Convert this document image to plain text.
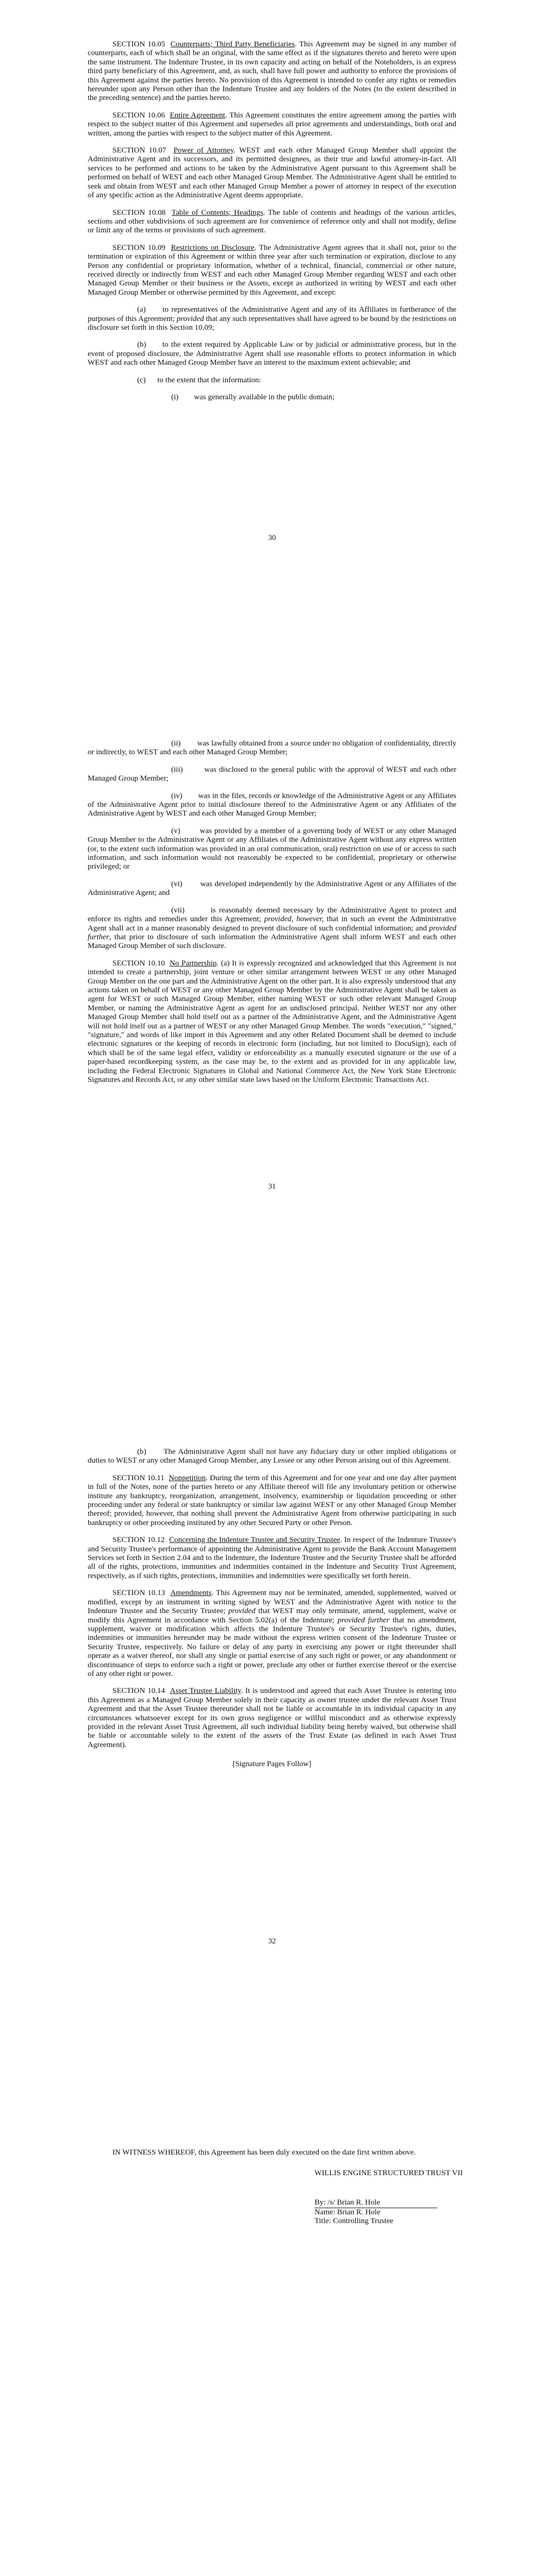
SECTION 10.05 Counterparts; Third Party Beneficiaries. This Agreement may be signed in any number of counterparts, each of which shall be an original, with the same effect as if the signatures thereto and hereto were upon the same instrument. The Indenture Trustee, in its own capacity and acting on behalf of the Noteholders, is an express third party beneficiary of this Agreement, and, as such, shall have full power and authority to enforce the provisions of this Agreement against the parties hereto. No provision of this Agreement is intended to confer any rights or remedies hereunder upon any Person other than the Indenture Trustee and any holders of the Notes (to the extent described in the preceding sentence) and the parties hereto.

SECTION 10.06 Entire Agreement. This Agreement constitutes the entire agreement among the parties with respect to the subject matter of this Agreement and supersedes all prior agreements and understandings, both oral and written, among the parties with respect to the subject matter of this Agreement.

SECTION 10.07 Power of Attorney. WEST and each other Managed Group Member shall appoint the Administrative Agent and its successors, and its permitted designees, as their true and lawful attorney-in-fact. All services to be performed and actions to be taken by the Administrative Agent pursuant to this Agreement shall be performed on behalf of WEST and each other Managed Group Member. The Administrative Agent shall be entitled to seek and obtain from WEST and each other Managed Group Member a power of attorney in respect of the execution of any specific action as the Administrative Agent deems appropriate.

SECTION 10.08 Table of Contents; Headings. The table of contents and headings of the various articles, sections and other subdivisions of such agreement are for convenience of reference only and shall not modify, define or limit any of the terms or provisions of such agreement.

SECTION 10.09 Restrictions on Disclosure. The Administrative Agent agrees that it shall not, prior to the termination or expiration of this Agreement or within three year after such termination or expiration, disclose to any Person any confidential or proprietary information, whether of a technical, financial, commercial or other nature, received directly or indirectly from WEST and each other Managed Group Member regarding WEST and each other Managed Group Member or their business or the Assets, except as authorized in writing by WEST and each other Managed Group Member or otherwise permitted by this Agreement, and except:

(a) to representatives of the Administrative Agent and any of its Affiliates in furtherance of the purposes of this Agreement; provided that any such representatives shall have agreed to be bound by the restrictions on disclosure set forth in this Section 10.09;

(b) to the extent required by Applicable Law or by judicial or administrative process, but in the event of proposed disclosure, the Administrative Agent shall use reasonable efforts to protect information in which WEST and each other Managed Group Member have an interest to the maximum extent achievable; and

(c) to the extent that the information:

(i) was generally available in the public domain;

30

(ii) was lawfully obtained from a source under no obligation of confidentiality, directly or indirectly, to WEST and each other Managed Group Member;

(iii)	was disclosed to the general public with the approval of WEST and each other Managed Group Member;

(iv) was in the files, records or knowledge of the Administrative Agent or any Affiliates of the Administrative Agent prior to initial disclosure thereof to the Administrative Agent or any Affiliates of the Administrative Agent by WEST and each other Managed Group Member;

(v)	was provided by a member of a governing body of WEST or any other Managed Group Member to the Administrative Agent or any Affiliates of the Administrative Agent without any express written (or, to the extent such information was provided in an oral communication, oral) restriction on use of or access to such information, and such information would not reasonably be expected to be confidential, proprietary or otherwise privileged; or

(vi) was developed independently by the Administrative Agent or any Affiliates of the Administrative Agent; and

(vii)	is reasonably deemed necessary by the Administrative Agent to protect and enforce its rights and remedies under this Agreement; provided, however, that in such an event the Administrative Agent shall act in a manner reasonably designed to prevent disclosure of such confidential information; and provided further, that prior to disclosure of such information the Administrative Agent shall inform WEST and each other Managed Group Member of such disclosure.

SECTION 10.10 No Partnership. (a) It is expressly recognized and acknowledged that this Agreement is not intended to create a partnership, joint venture or other similar arrangement between WEST or any other Managed Group Member on the one part and the Administrative Agent on the other part. It is also expressly understood that any actions taken on behalf of WEST or any other Managed Group Member by the Administrative Agent shall be taken as agent for WEST or such Managed Group Member, either naming WEST or such other relevant Managed Group Member, or naming the Administrative Agent as agent for an undisclosed principal. Neither WEST nor any other Managed Group Member shall hold itself out as a partner of the Administrative Agent, and the Administrative Agent will not hold itself out as a partner of WEST or any other Managed Group Member. The words "execution," "signed," "signature," and words of like import in this Agreement and any other Related Document shall be deemed to include electronic signatures or the keeping of records in electronic form (including, but not limited to DocuSign), each of which shall be of the same legal effect, validity or enforceability as a manually executed signature or the use of a paper-based recordkeeping system, as the case may be, to the extent and as provided for in any applicable law, including the Federal Electronic Signatures in Global and National Commerce Act, the New York State Electronic Signatures and Records Act, or any other similar state laws based on the Uniform Electronic Transactions Act.

31

(b) The Administrative Agent shall not have any fiduciary duty or other implied obligations or duties to WEST or any other Managed Group Member, any Lessee or any other Person arising out of this Agreement.

SECTION 10.11 Nonpetition. During the term of this Agreement and for one year and one day after payment in full of the Notes, none of the parties hereto or any Affiliate thereof will file any involuntary petition or otherwise institute any bankruptcy, reorganization, arrangement, insolvency, examinership or liquidation proceeding or other proceeding under any federal or state bankruptcy or similar law against WEST or any other Managed Group Member thereof; provided, however, that nothing shall prevent the Administrative Agent from otherwise participating in such bankruptcy or other proceeding instituted by any other Secured Party or other Person.

SECTION 10.12 Concerning the Indenture Trustee and Security Trustee. In respect of the Indenture Trustee's and Security Trustee's performance of appointing the Administrative Agent to provide the Bank Account Management Services set forth in Section 2.04 and to the Indenture, the Indenture Trustee and the Security Trustee shall be afforded all of the rights, protections, immunities and indemnities contained in the Indenture and Security Trust Agreement, respectively, as if such rights, protections, immunities and indemnities were specifically set forth herein.

SECTION 10.13 Amendments. This Agreement may not be terminated, amended, supplemented, waived or modified, except by an instrument in writing signed by WEST and the Administrative Agent with notice to the Indenture Trustee and the Security Trustee; provided that WEST may only terminate, amend, supplement, waive or modify this Agreement in accordance with Section 5.02(a) of the Indenture; provided further that no amendment, supplement, waiver or modification which affects the Indenture Trustee's or Security Trustee's rights, duties, indemnities or immunities hereunder may be made without the express written consent of the Indenture Trustee or Security Trustee, respectively. No failure or delay of any party in exercising any power or right thereunder shall operate as a waiver thereof, nor shall any single or partial exercise of any such right or power, or any abandonment or discontinuance of steps to enforce such a right or power, preclude any other or further exercise thereof or the exercise of any other right or power.

SECTION 10.14 Asset Trustee Liability. It is understood and agreed that each Asset Trustee is entering into this Agreement as a Managed Group Member solely in their capacity as owner trustee under the relevant Asset Trust Agreement and that the Asset Trustee thereunder shall not be liable or accountable in its individual capacity in any circumstances whatsoever except for its own gross negligence or willful misconduct and as otherwise expressly provided in the relevant Asset Trust Agreement, all such individual liability being hereby waived, but otherwise shall be liable or accountable solely to the extent of the assets of the Trust Estate (as defined in each Asset Trust Agreement).

[Signature Pages Follow]

32

IN WITNESS WHEREOF, this Agreement has been duly executed on the date first written above.

WILLIS ENGINE STRUCTURED TRUST VII
By: /s/ Brian R. Hole
Name: Brian R. Hole
Title: Controlling Trustee
